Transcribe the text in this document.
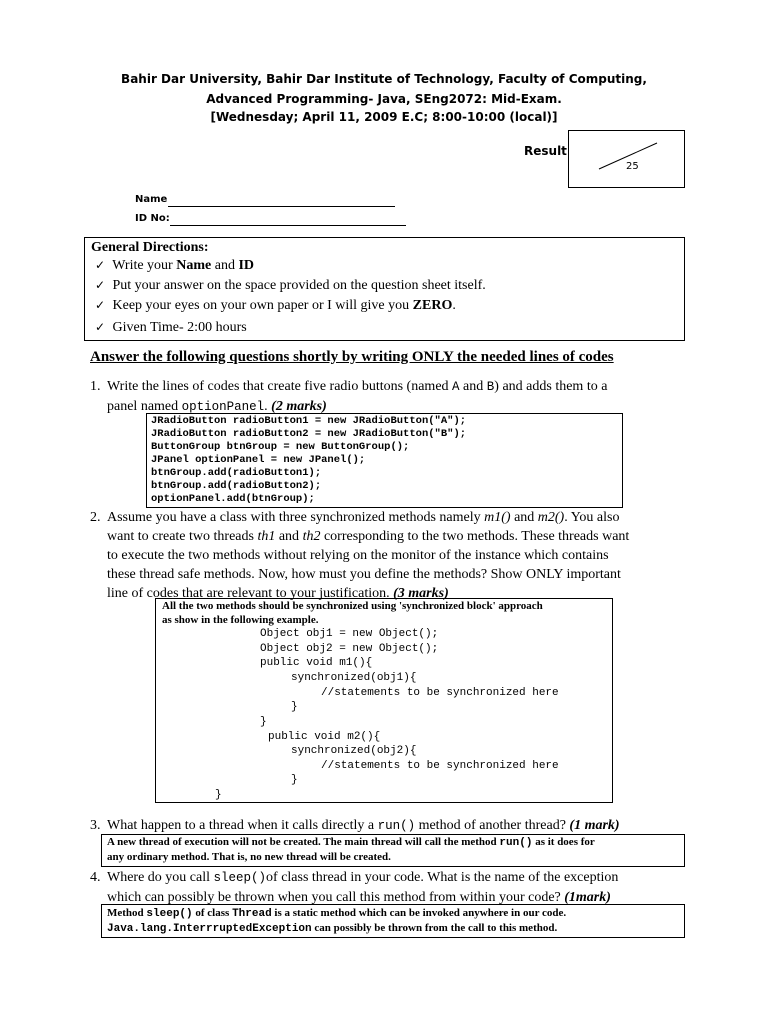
Bahir Dar University, Bahir Dar Institute of Technology, Faculty of Computing,
Advanced Programming- Java, SEng2072: Mid-Exam.
[Wednesday; April 11, 2009 E.C; 8:00-10:00 (local)]
Result
25
Name
ID No:
General Directions:
✓ Write your Name and ID
✓ Put your answer on the space provided on the question sheet itself.
✓ Keep your eyes on your own paper or I will give you ZERO.
✓ Given Time- 2:00 hours
Answer the following questions shortly by writing ONLY the needed lines of codes
1. Write the lines of codes that create five radio buttons (named A and B) and adds them to a
panel named optionPanel. (2 marks)
JRadioButton radioButton1 = new JRadioButton("A");
JRadioButton radioButton2 = new JRadioButton("B");
ButtonGroup btnGroup = new ButtonGroup();
JPanel optionPanel = new JPanel();
btnGroup.add(radioButton1);
btnGroup.add(radioButton2);
optionPanel.add(btnGroup);
2. Assume you have a class with three synchronized methods namely m1() and m2(). You also
want to create two threads th1 and th2 corresponding to the two methods. These threads want
to execute the two methods without relying on the monitor of the instance which contains
these thread safe methods. Now, how must you define the methods? Show ONLY important
line of codes that are relevant to your justification. (3 marks)
All the two methods should be synchronized using 'synchronized block' approach
as show in the following example.
Object obj1 = new Object();
Object obj2 = new Object();
public void m1(){
synchronized(obj1){
//statements to be synchronized here
}
}
public void m2(){
synchronized(obj2){
//statements to be synchronized here
}
}
3. What happen to a thread when it calls directly a run() method of another thread? (1 mark)
A new thread of execution will not be created. The main thread will call the method run() as it does for
any ordinary method. That is, no new thread will be created.
4. Where do you call sleep()of class thread in your code. What is the name of the exception
which can possibly be thrown when you call this method from within your code? (1mark)
Method sleep() of class Thread is a static method which can be invoked anywhere in our code.
Java.lang.InterrruptedException can possibly be thrown from the call to this method.
